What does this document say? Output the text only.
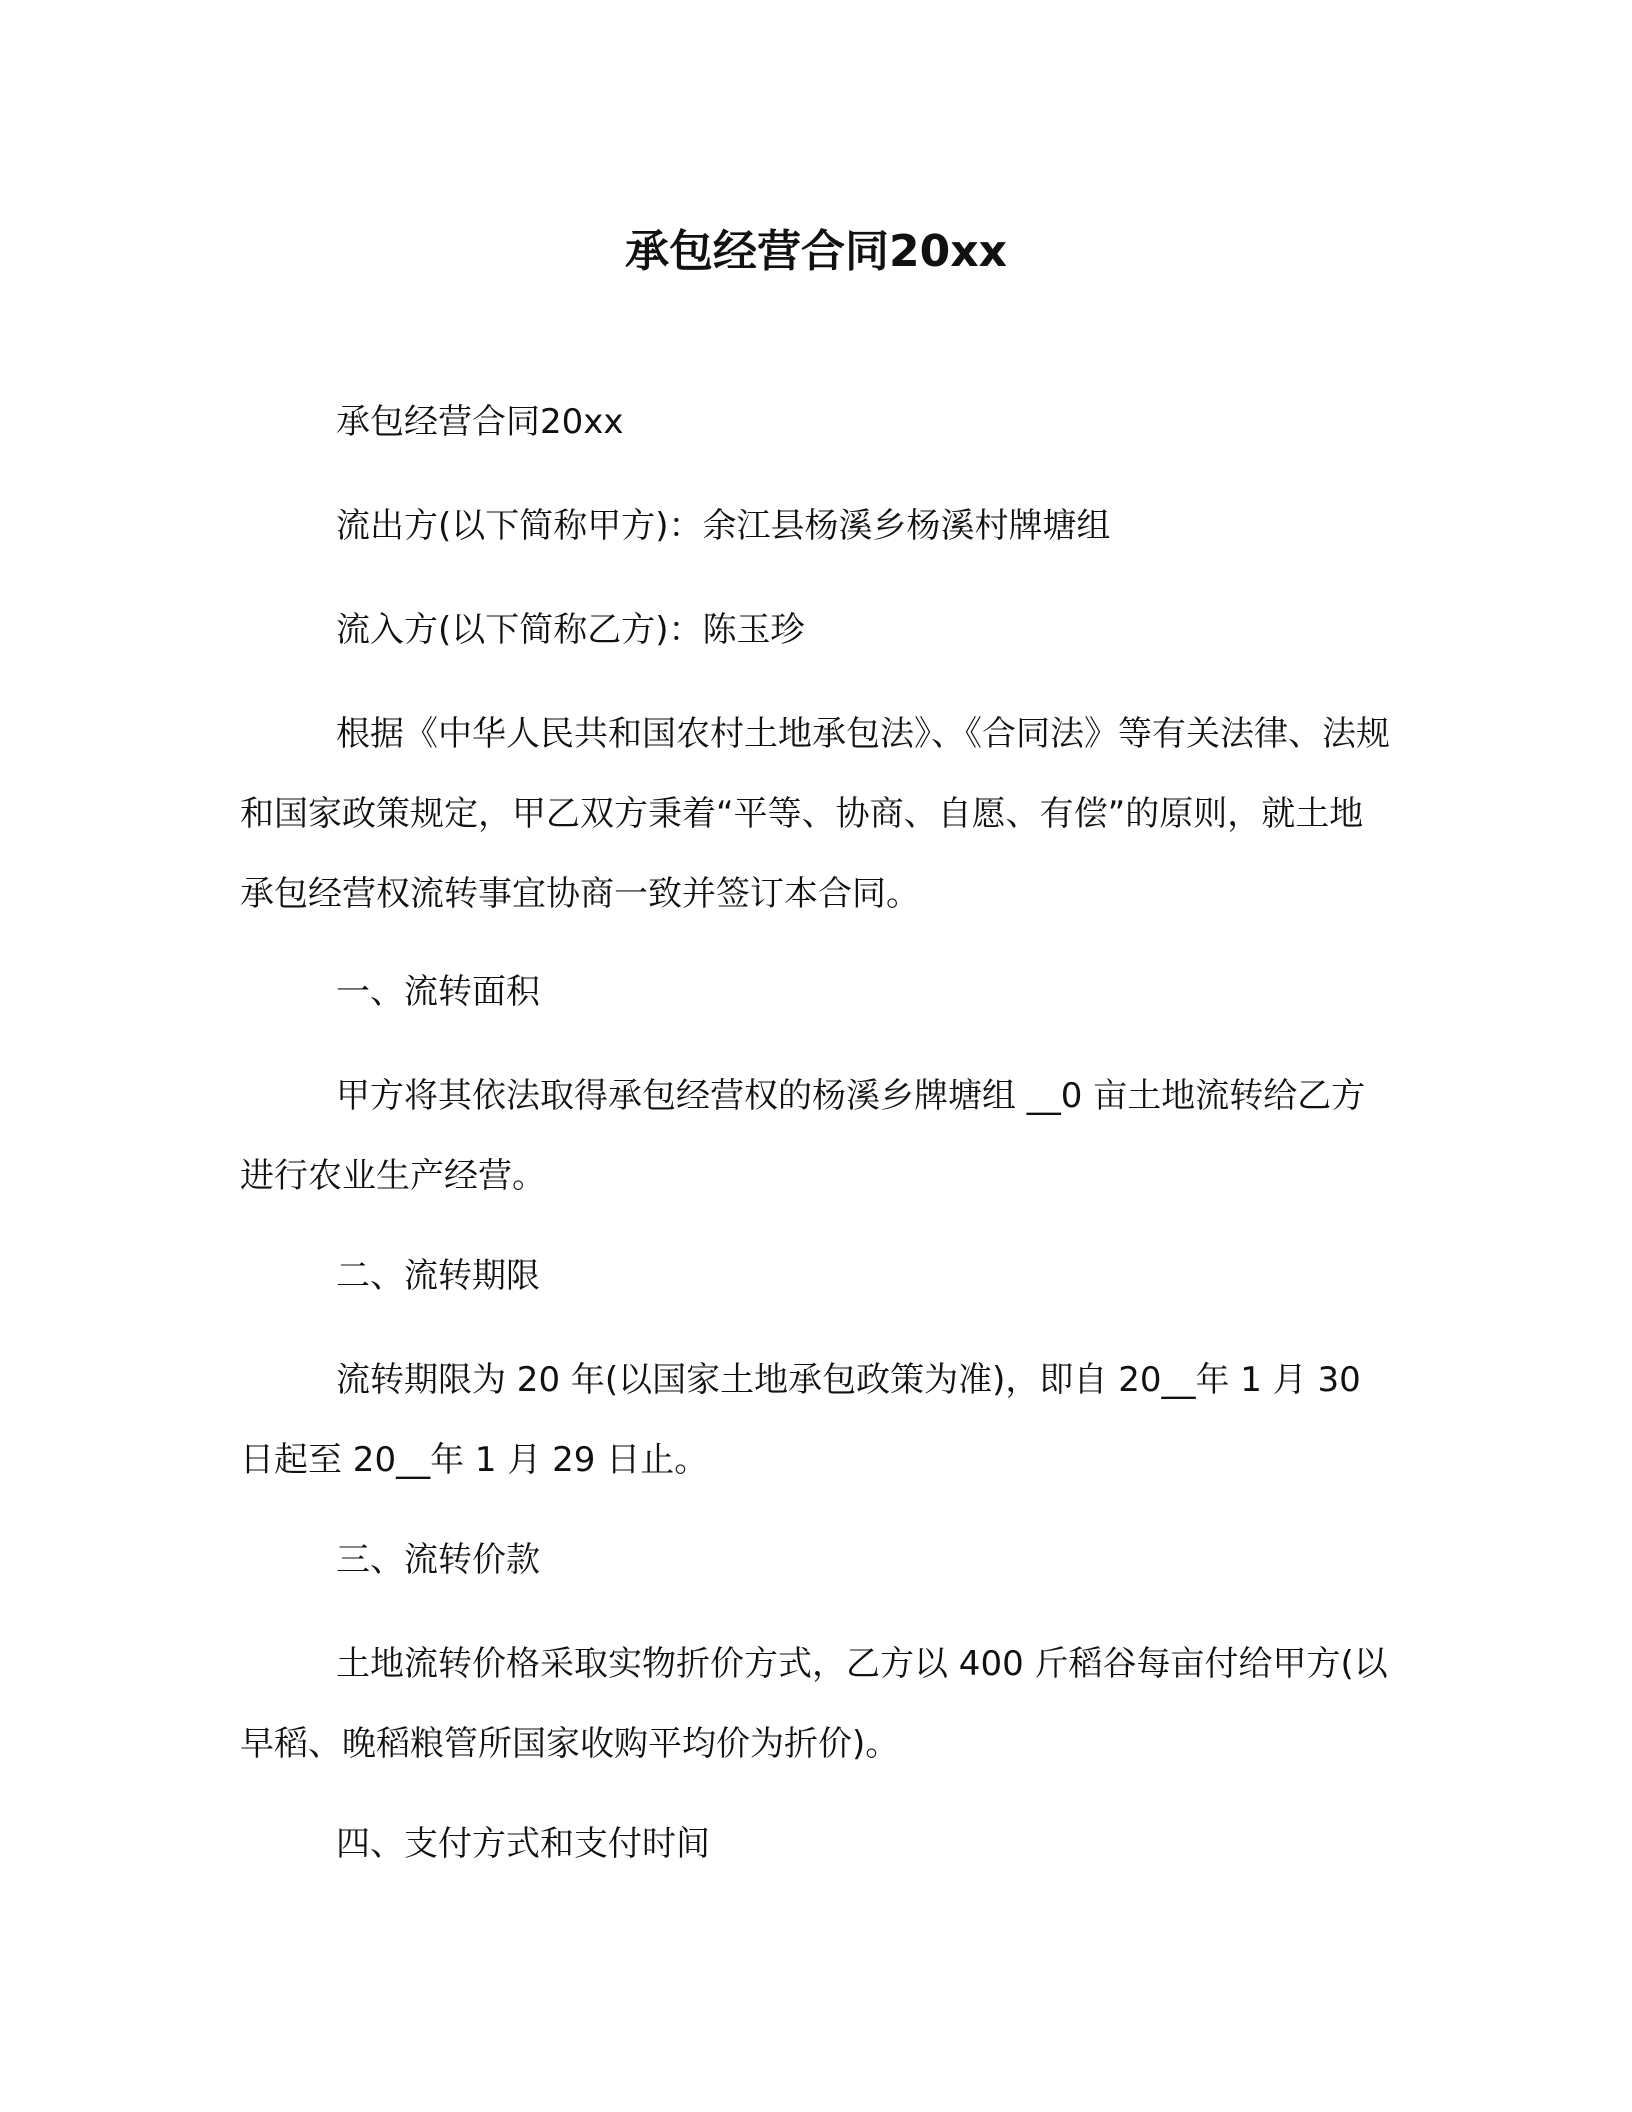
承包经营合同20xx

承包经营合同20xx

流出方(以下简称甲方)：余江县杨溪乡杨溪村牌塘组

流入方(以下简称乙方)：陈玉珍

根据《中华人民共和国农村土地承包法》、《合同法》等有关法律、法规和国家政策规定，甲乙双方秉着“平等、协商、自愿、有偿”的原则，就土地承包经营权流转事宜协商一致并签订本合同。

一、流转面积

甲方将其依法取得承包经营权的杨溪乡牌塘组 __0 亩土地流转给乙方进行农业生产经营。

二、流转期限

流转期限为 20 年(以国家土地承包政策为准)，即自 20__年 1 月 30 日起至 20__年 1 月 29 日止。

三、流转价款

土地流转价格采取实物折价方式，乙方以 400 斤稻谷每亩付给甲方(以早稻、晚稻粮管所国家收购平均价为折价)。

四、支付方式和支付时间
